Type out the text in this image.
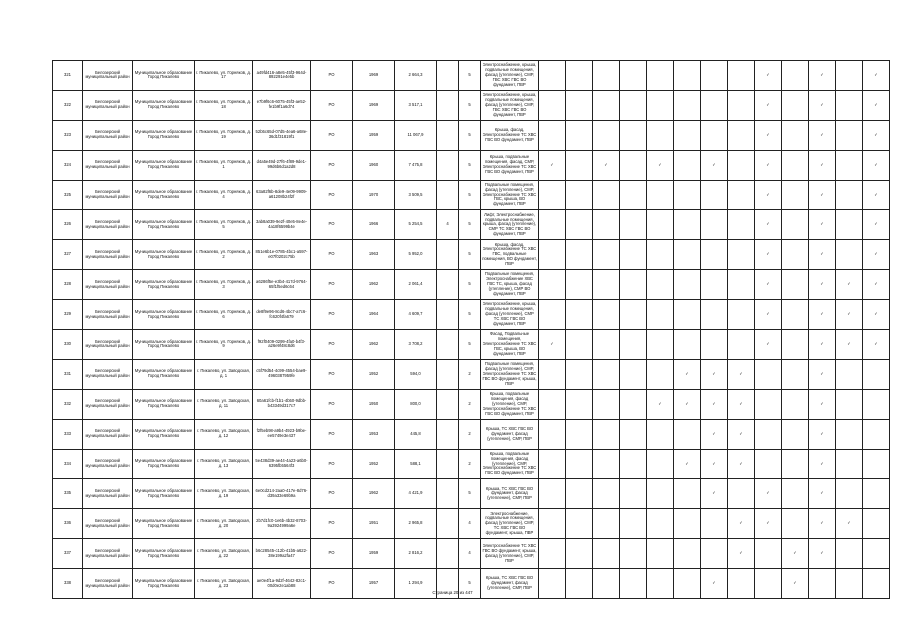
321	Белозерский муниципальный район	Муниципальное образование Город Пикалево	г. Пикалево, ул. Горняков, д. 17	a49fd416-a8e5-45f3-964d-892291e4e5b	РО	1969	2 664,3		5	Электроснабжение, крыша, подвальные помещения, фасад (утепление), СМР, ГВС ХВС ГВС ВО фундамент, ПВР									✓		✓		✓
322	Белозерский муниципальный район	Муниципальное образование Город Пикалево	г. Пикалево, ул. Горняков, д. 18	e7b9f6c6-6075-45f3-ae52-fe1b9f1a6d74	РО	1969	3 517,1		5	Электроснабжение, крыша, подвальные помещения, фасад (утепление), СМР, ГВС ХВС ГВС ВО фундамент, ПВР									✓		✓		✓
323	Белозерский муниципальный район	Муниципальное образование Город Пикалево	г. Пикалево, ул. Горняков, д. 19	52b5c65d-07d5-4ea6-a68e-36d1f31819f1	РО	1959	11 067,9		5	Крыша, фасад, Электроснабжение ТС ХВС ГВС ВО фундамент, ПВР									✓		✓		✓
324	Белозерский муниципальный район	Муниципальное образование Город Пикалево	г. Пикалево, ул. Горняков, д. 1	d4a5e49d-27f6-4f89-9de1-99d6b6d1a2d8	РО	1960	7 475,8		5	Крыша, подвальные помещения, фасад, СМР, Электроснабжение ТС ХВС ГВС ВО фундамент, ПВР	✓		✓		✓		✓		✓		✓		✓
325	Белозерский муниципальный район	Муниципальное образование Город Пикалево	г. Пикалево, ул. Горняков, д. 4	63a82f6b-8de9-4e09-9909-a61208b24f2f	РО	1970	3 509,5		5	Подвальные помещения, фасад (утепление), СМР, Электроснабжение ТС ХВС ГВС, крыша, ВО фундамент, ПВР									✓		✓		✓
326	Белозерский муниципальный район	Муниципальное образование Город Пикалево	г. Пикалево, ул. Горняков, д. 5	3ab8a039-9e2f-40e5-8e4e-4a18f6599b4e	РО	1966	5 254,5	4	5	Лифт, Электроснабжение, подвальные помещения, крыша, фасад (утепление), СМР ТС ХВС ГВС ВО фундамент, ПВР									✓		✓		✓
327	Белозерский муниципальный район	Муниципальное образование Город Пикалево	г. Пикалево, ул. Горняков, д. 2	851e6b1e-0785-4bc1-a597-e07f0202c75b	РО	1963	5 952,0		5	Крыша, фасад, Электроснабжение ТС ХВС ГВС, подвальные помещения, ВО фундамент, ПВР									✓		✓		✓
328	Белозерский муниципальный район	Муниципальное образование Город Пикалево	г. Пикалево, ул. Горняков, д. 3	a6286f5e-e3b4-417d-9764-65f1f5ed6c64	РО	1962	2 061,4		5	Подвальные помещения, Электроснабжение ХВС ГВС ТС, крыша, фасад (утепление), СМР ВО фундамент, ПВР									✓		✓	✓	✓
329	Белозерский муниципальный район	Муниципальное образование Город Пикалево	г. Пикалево, ул. Горняков, д. 6	de8f9e96-8cd6-4bc7-a7c6-fc620f4fa679	РО	1964	4 609,7		5	Электроснабжение, крыша, подвальные помещения, фасад (утепление), СМР ТС ХВС ГВС ВО фундамент, ПВР									✓		✓	✓	✓
330	Белозерский муниципальный район	Муниципальное образование Город Пикалево	г. Пикалево, ул. Горняков, д. 9	f92f0409-0299-4fa0-b4f3-a26e9f48c8d6	РО	1962	3 708,2		5	Фасад, Подвальные помещения, Электроснабжение ТС ХВС ГВС, крыша, ВО фундамент, ПВР	✓								✓		✓	✓	✓
331	Белозерский муниципальный район	Муниципальное образование Город Пикалево	г. Пикалево, ул. Заводская, д. 1	c5f79d54-4c99-4554-bae9-4960387959fe	РО	1952	594,0		2	Подвальные помещения, фасад (утепление), СМР, Электроснабжение ТС ХВС ГВС ВО фундамент, крыша, ПВР						✓	✓	✓			✓		
332	Белозерский муниципальный район	Муниципальное образование Город Пикалево	г. Пикалево, ул. Заводская, д. 11	60a61fcb-f1b1-4b50-9dbb-b43349d317c7	РО	1950	800,0		2	Крыша, подвальные помещения, фасад (утепление), СМР, Электроснабжение ТС ХВС ГВС ВО фундамент, ПВР					✓	✓	✓	✓			✓		
333	Белозерский муниципальный район	Муниципальное образование Город Пикалево	г. Пикалево, ул. Заводская, д. 12	f2f5eb98-a9b4-4923-b9be-ee5749e3e437	РО	1953	445,8		2	Крыша, ТС ХВС ГВС ВО фундамент, фасад (утепление), СМР, ПВР							✓	✓			✓		
334	Белозерский муниципальный район	Муниципальное образование Город Пикалево	г. Пикалево, ул. Заводская, д. 13	5e438d39-ae44-4a23-a6b0-6395fb5564f3	РО	1952	588,1		2	Крыша, подвальные помещения, фасад (утепление), СМР, Электроснабжение ТС ХВС ГВС ВО фундамент, ПВР						✓	✓	✓			✓		
335	Белозерский муниципальный район	Муниципальное образование Город Пикалево	г. Пикалево, ул. Заводская, д. 19	6e0cd214-2aa0-417e-8d76-d39a33e69b9a	РО	1962	4 421,9		5	Крыша, ТС ХВС ГВС ВО фундамент, фасад (утепление), СМР, ПВР							✓		✓		✓		
336	Белозерский муниципальный район	Муниципальное образование Город Пикалево	г. Пикалево, ул. Заводская, д. 20	2b7d1fc0-1e6b-4b32-8703-9a3924999a6e	РО	1951	2 965,8		4	Электроснабжение, подвальные помещения, фасад (утепление), СМР, ТС ХВС ГВС ВО фундамент, крыша, ПВР								✓	✓		✓	✓	
337	Белозерский муниципальный район	Муниципальное образование Город Пикалево	г. Пикалево, ул. Заводская, д. 22	b6c28545-c12b-41b5-a622-38e199a2fa47	РО	1959	2 816,2		4	Электроснабжение ТС ХВС ГВС ВО фундамент, крыша, фасад (утепление), СМР, ПВР								✓		✓	✓		
338	Белозерский муниципальный район	Муниципальное образование Город Пикалево	г. Пикалево, ул. Заводская, д. 23	ae0e4f1a-9d2f-4642-82c1-00d0e2e1ab88	РО	1957	1 294,9		5	Крыша, ТС ХВС ГВС ВО фундамент, фасад (утепление), СМР, ПВР							✓			✓			
Страница 20 из 447
